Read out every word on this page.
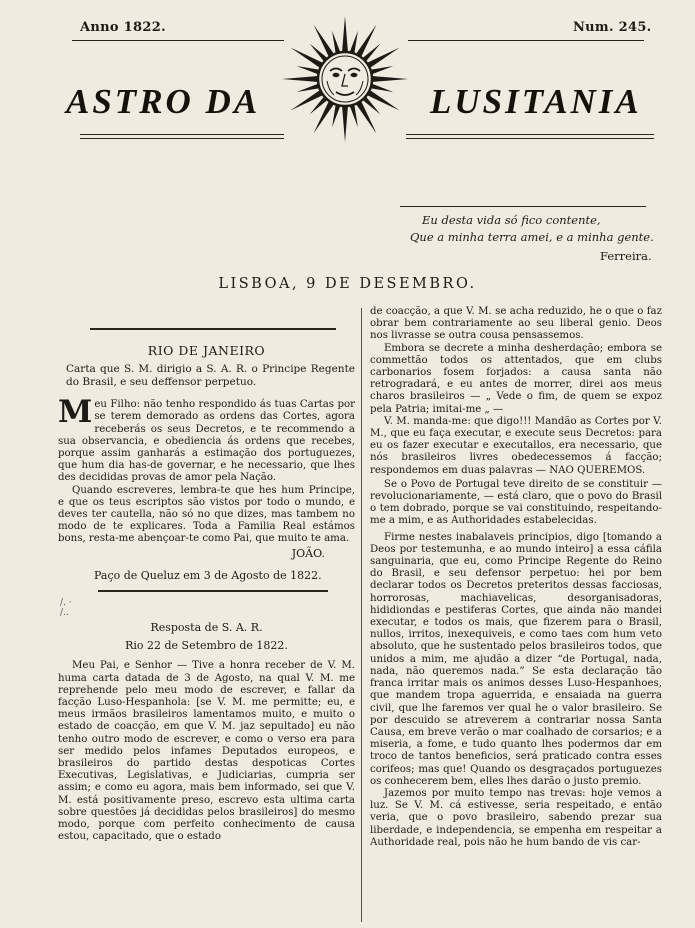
Anno 1822.	Num. 245.
ASTRO DA	LUSITANIA
Eu desta vida só fico contente,
Que a minha terra amei, e a minha gente.
Ferreira.
LISBOA, 9 DE DESEMBRO.
RIO DE JANEIRO

Carta que S. M. dirigio a S. A. R. o Principe Regente do Brasil, e seu deffensor perpetuo.

Meu Filho: não tenho respondido ás tuas Cartas por se terem demorado as ordens das Cortes, agora receberás os seus Decretos, e te recommendo a sua observancia, e obediencia ás ordens que recebes, porque assim ganharás a estimação dos portuguezes, que hum dia has-de governar, e he necessario, que lhes des decididas provas de amor pela Nação.

Quando escreveres, lembra-te que hes hum Principe, e que os teus escriptos são vistos por todo o mundo, e deves ter cautella, não só no que dizes, mas tambem no modo de te explicares. Toda a Familia Real estámos bons, resta-me abençoar-te como Pai, que muito te ama.

JOÃO.
Paço de Queluz em 3 de Agosto de 1822.
/. ·
/..
Resposta de S. A. R.
Rio 22 de Setembro de 1822.

Meu Pai, e Senhor — Tive a honra receber de V. M. huma carta datada de 3 de Agosto, na qual V. M. me reprehende pelo meu modo de escrever, e fallar da facção Luso-Hespanhola: [se V. M. me permitte; eu, e meus irmãos brasileiros lamentamos muito, e muito o estado de coacção, em que V. M. jaz sepultado] eu não tenho outro modo de escrever, e como o verso era para ser medido pelos infames Deputados europeos, e brasileiros do partido destas despoticas Cortes Executivas, Legislativas, e Judiciarias, cumpria ser assim; e como eu agora, mais bem informado, sei que V. M. está positivamente preso, escrevo esta ultima carta sobre questões já decididas pelos brasileiros] do mesmo modo, porque com perfeito conhecimento de causa estou, capacitado, que o estado

de coacção, a que V. M. se acha reduzido, he o que o faz obrar bem contrariamente ao seu liberal genio. Deos nos livrasse se outra cousa pensassemos.

Embora se decrete a minha desherdação; embora se commettão todos os attentados, que em clubs carbonarios fosem forjados: a causa santa não retrogradará, e eu antes de morrer, direi aos meus charos brasileiros — „ Vede o fim, de quem se expoz pela Patria; imitai-me „ —

V. M. manda-me: que digo!!! Mandão as Cortes por V. M., que eu faça executar, e execute seus Decretos: para eu os fazer executar e executallos, era necessario, que nós brasileiros livres obedecessemos á facção; respondemos em duas palavras — NAO QUEREMOS.

Se o Povo de Portugal teve direito de se constituir — revolucionariamente, — está claro, que o povo do Brasil o tem dobrado, porque se vai constituindo, respeitando-me a mim, e as Authoridades estabelecidas.

Firme nestes inabalaveis principios, digo [tomando a Deos por testemunha, e ao mundo inteiro] a essa cáfila sanguinaria, que eu, como Principe Regente do Reino do Brasil, e seu defensor perpetuo: hei por bem declarar todos os Decretos preteritos dessas facciosas, horrorosas, machiavelicas, desorganisadoras, hididiondas e pestiferas Cortes, que ainda não mandei executar, e todos os mais, que fizerem para o Brasil, nullos, irritos, inexequiveis, e como taes com hum veto absoluto, que he sustentado pelos brasileiros todos, que unidos a mim, me ajudão a dizer “de Portugal, nada, nada, não queremos nada.” Se esta declaração tão franca irritar mais os animos desses Luso-Hespanhoes, que mandem tropa aguerrida, e ensaiada na guerra civil, que lhe faremos ver qual he o valor brasileiro. Se por descuido se atreverem a contrariar nossa Santa Causa, em breve verão o mar coalhado de corsarios; e a miseria, a fome, e tudo quanto lhes podermos dar em troco de tantos beneficios, será praticado contra esses corifeos; mas que! Quando os desgraçados portuguezes os conhecerem bem, elles lhes darão o justo premio.

Jazemos por muito tempo nas trevas: hoje vemos a luz. Se V. M. cá estivesse, seria respeitado, e então veria, que o povo brasileiro, sabendo prezar sua liberdade, e independencia, se empenha em respeitar a Authoridade real, pois não he hum bando de vis car-
